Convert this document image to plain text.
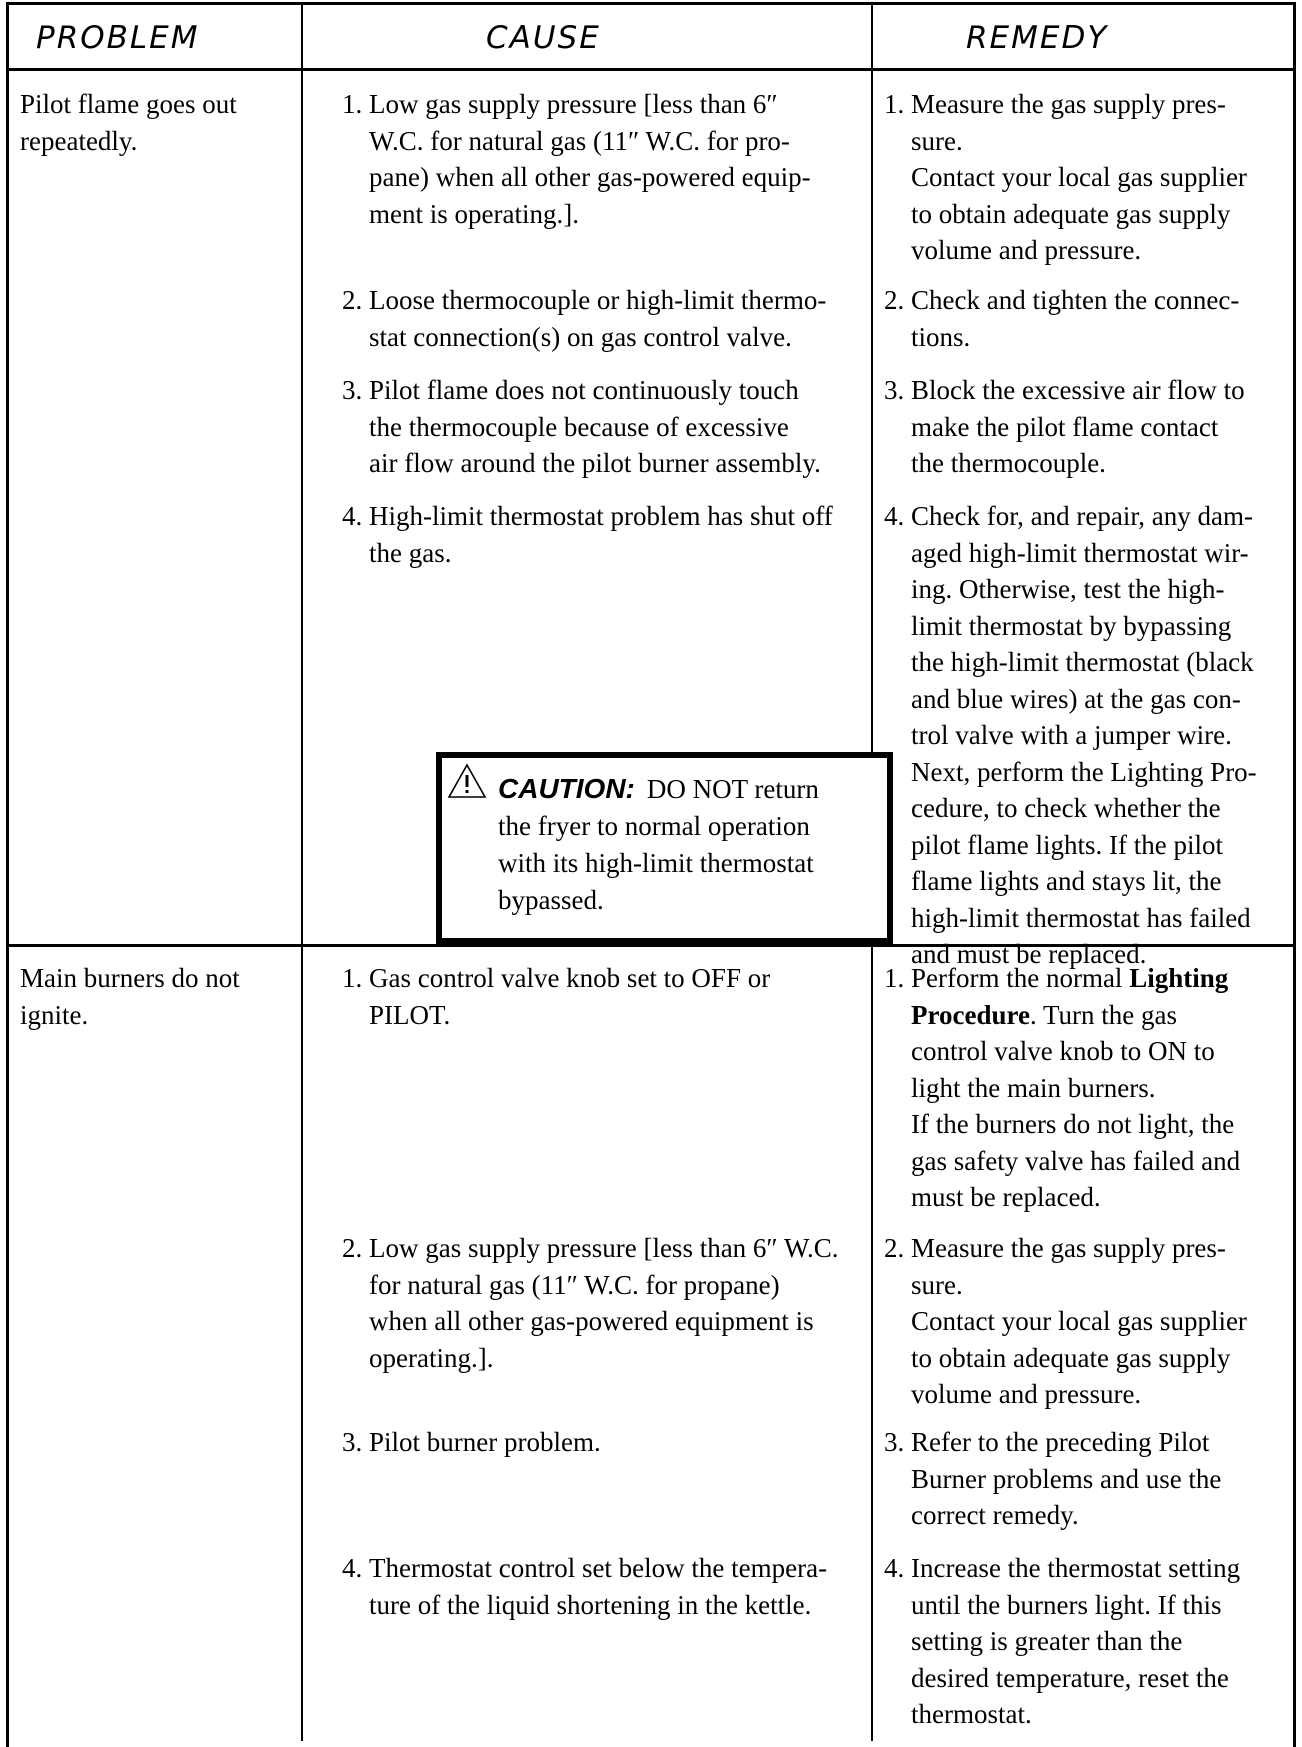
PROBLEM	CAUSE	REMEDY
Pilot flame goes out
repeatedly.
1. Low gas supply pressure [less than 6″
W.C. for natural gas (11″ W.C. for pro-
pane) when all other gas-powered equip-
ment is operating.].
2. Loose thermocouple or high-limit thermo-
stat connection(s) on gas control valve.
3. Pilot flame does not continuously touch
the thermocouple because of excessive
air flow around the pilot burner assembly.
4. High-limit thermostat problem has shut off
the gas.
1. Measure the gas supply pres-
sure.
Contact your local gas supplier
to obtain adequate gas supply
volume and pressure.
2. Check and tighten the connec-
tions.
3. Block the excessive air flow to
make the pilot flame contact
the thermocouple.
4. Check for, and repair, any dam-
aged high-limit thermostat wir-
ing. Otherwise, test the high-
limit thermostat by bypassing
the high-limit thermostat (black
and blue wires) at the gas con-
trol valve with a jumper wire.
Next, perform the Lighting Pro-
cedure, to check whether the
pilot flame lights. If the pilot
flame lights and stays lit, the
high-limit thermostat has failed
and must be replaced.
CAUTION: DO NOT return
the fryer to normal operation
with its high-limit thermostat
bypassed.
Main burners do not
ignite.
1. Gas control valve knob set to OFF or
PILOT.
2. Low gas supply pressure [less than 6″ W.C.
for natural gas (11″ W.C. for propane)
when all other gas-powered equipment is
operating.].
3. Pilot burner problem.
4. Thermostat control set below the tempera-
ture of the liquid shortening in the kettle.
1. Perform the normal Lighting
Procedure. Turn the gas
control valve knob to ON to
light the main burners.
If the burners do not light, the
gas safety valve has failed and
must be replaced.
2. Measure the gas supply pres-
sure.
Contact your local gas supplier
to obtain adequate gas supply
volume and pressure.
3. Refer to the preceding Pilot
Burner problems and use the
correct remedy.
4. Increase the thermostat setting
until the burners light. If this
setting is greater than the
desired temperature, reset the
thermostat.
